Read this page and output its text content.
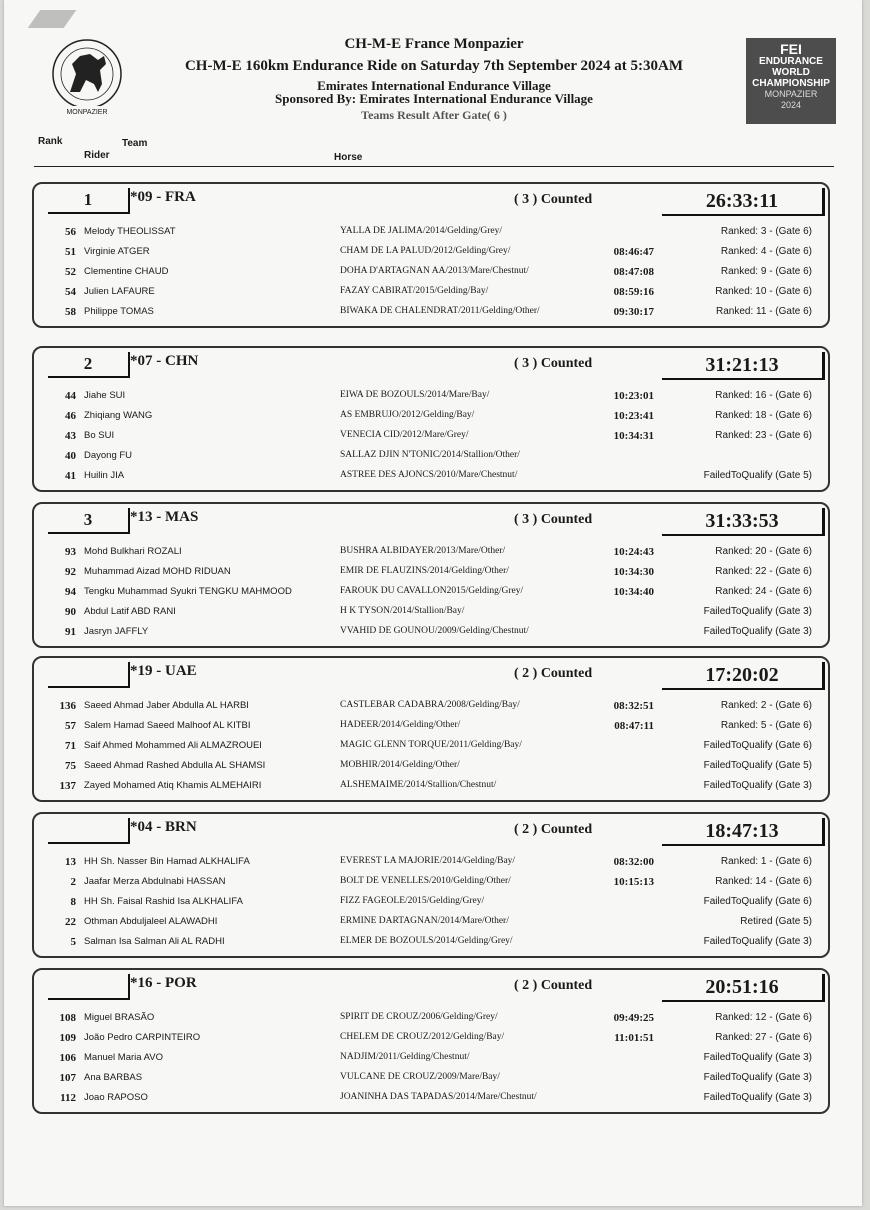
MONPAZIER
FEI
ENDURANCE
WORLD
CHAMPIONSHIP
MONPAZIER
2024
CH-M-E France Monpazier
CH-M-E 160km Endurance Ride on Saturday 7th September 2024 at 5:30AM
Emirates International Endurance Village
Sponsored By: Emirates International Endurance Village
Teams Result After Gate( 6 )
Rank	Team
Rider	Horse
1	*09 - FRA	( 3 ) Counted	26:33:11
56 Melody THEOLISSAT	YALLA DE JALIMA/2014/Gelding/Grey/	Ranked: 3 - (Gate 6)
51 Virginie ATGER	CHAM DE LA PALUD/2012/Gelding/Grey/	08:46:47	Ranked: 4 - (Gate 6)
52 Clementine CHAUD	DOHA D'ARTAGNAN AA/2013/Mare/Chestnut/	08:47:08	Ranked: 9 - (Gate 6)
54 Julien LAFAURE	FAZAY CABIRAT/2015/Gelding/Bay/	08:59:16	Ranked: 10 - (Gate 6)
58 Philippe TOMAS	BIWAKA DE CHALENDRAT/2011/Gelding/Other/	09:30:17	Ranked: 11 - (Gate 6)
2	*07 - CHN	( 3 ) Counted	31:21:13
44 Jiahe SUI	EIWA DE BOZOULS/2014/Mare/Bay/	10:23:01	Ranked: 16 - (Gate 6)
46 Zhiqiang WANG	AS EMBRUJO/2012/Gelding/Bay/	10:23:41	Ranked: 18 - (Gate 6)
43 Bo SUI	VENECIA CID/2012/Mare/Grey/	10:34:31	Ranked: 23 - (Gate 6)
40 Dayong FU	SALLAZ DJIN N'TONIC/2014/Stallion/Other/
41 Huilin JIA	ASTREE DES AJONCS/2010/Mare/Chestnut/	FailedToQualify (Gate 5)
3	*13 - MAS	( 3 ) Counted	31:33:53
93 Mohd Bulkhari ROZALI	BUSHRA ALBIDAYER/2013/Mare/Other/	10:24:43	Ranked: 20 - (Gate 6)
92 Muhammad Aizad MOHD RIDUAN	EMIR DE FLAUZINS/2014/Gelding/Other/	10:34:30	Ranked: 22 - (Gate 6)
94 Tengku Muhammad Syukri TENGKU MAHMOOD	FAROUK DU CAVALLON2015/Gelding/Grey/	10:34:40	Ranked: 24 - (Gate 6)
90 Abdul Latif ABD RANI	H K TYSON/2014/Stallion/Bay/	FailedToQualify (Gate 3)
91 Jasryn JAFFLY	VVAHID DE GOUNOU/2009/Gelding/Chestnut/	FailedToQualify (Gate 3)
*19 - UAE	( 2 ) Counted	17:20:02
136 Saeed Ahmad Jaber Abdulla AL HARBI	CASTLEBAR CADABRA/2008/Gelding/Bay/	08:32:51	Ranked: 2 - (Gate 6)
57 Salem Hamad Saeed Malhoof AL KITBI	HADEER/2014/Gelding/Other/	08:47:11	Ranked: 5 - (Gate 6)
71 Saif Ahmed Mohammed Ali ALMAZROUEI	MAGIC GLENN TORQUE/2011/Gelding/Bay/	FailedToQualify (Gate 6)
75 Saeed Ahmad Rashed Abdulla AL SHAMSI	MOBHIR/2014/Gelding/Other/	FailedToQualify (Gate 5)
137 Zayed Mohamed Atiq Khamis ALMEHAIRI	ALSHEMAIME/2014/Stallion/Chestnut/	FailedToQualify (Gate 3)
*04 - BRN	( 2 ) Counted	18:47:13
13 HH Sh. Nasser Bin Hamad ALKHALIFA	EVEREST LA MAJORIE/2014/Gelding/Bay/	08:32:00	Ranked: 1 - (Gate 6)
2 Jaafar Merza Abdulnabi HASSAN	BOLT DE VENELLES/2010/Gelding/Other/	10:15:13	Ranked: 14 - (Gate 6)
8 HH Sh. Faisal Rashid Isa ALKHALIFA	FIZZ FAGEOLE/2015/Gelding/Grey/	FailedToQualify (Gate 6)
22 Othman Abduljaleel ALAWADHI	ERMINE DARTAGNAN/2014/Mare/Other/	Retired (Gate 5)
5 Salman Isa Salman Ali AL RADHI	ELMER DE BOZOULS/2014/Gelding/Grey/	FailedToQualify (Gate 3)
*16 - POR	( 2 ) Counted	20:51:16
108 Miguel BRASÃO	SPIRIT DE CROUZ/2006/Gelding/Grey/	09:49:25	Ranked: 12 - (Gate 6)
109 João Pedro CARPINTEIRO	CHELEM DE CROUZ/2012/Gelding/Bay/	11:01:51	Ranked: 27 - (Gate 6)
106 Manuel Maria AVO	NADJIM/2011/Gelding/Chestnut/	FailedToQualify (Gate 3)
107 Ana BARBAS	VULCANE DE CROUZ/2009/Mare/Bay/	FailedToQualify (Gate 3)
112 Joao RAPOSO	JOANINHA DAS TAPADAS/2014/Mare/Chestnut/	FailedToQualify (Gate 3)
